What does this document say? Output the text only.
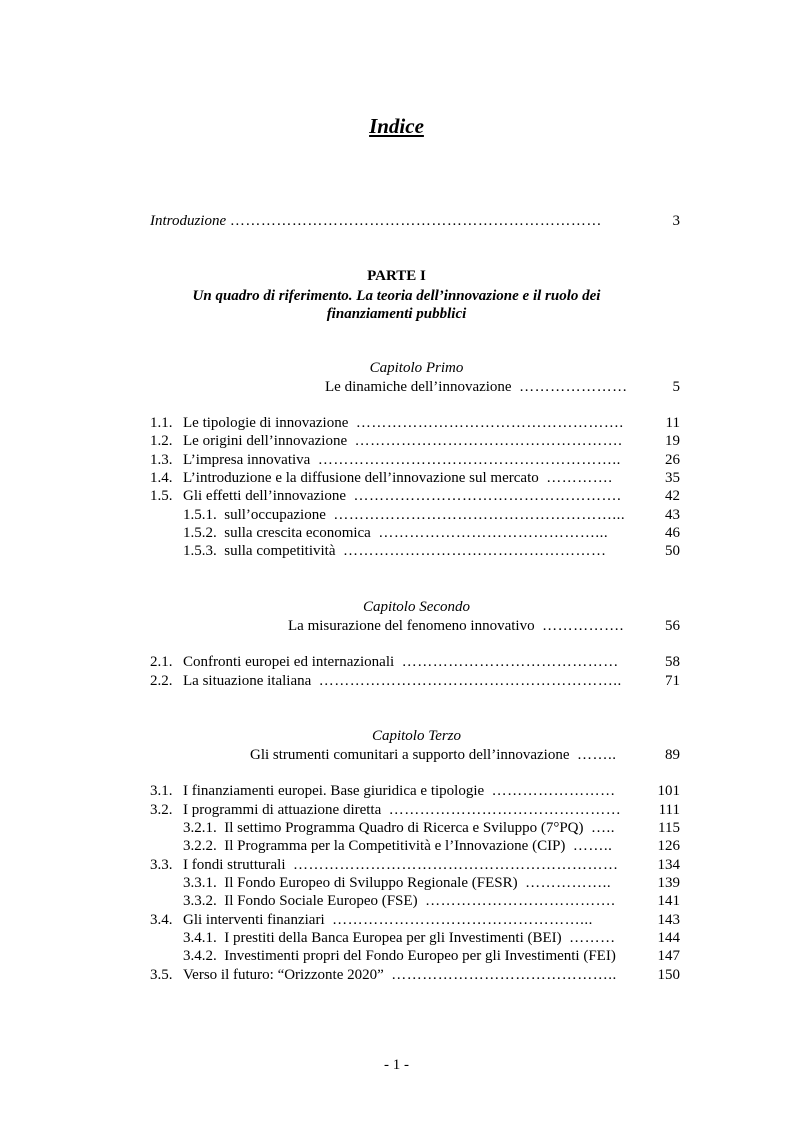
Indice
Introduzione ………………………………………………………………	3
PARTE I
Un quadro di riferimento. La teoria dell’innovazione e il ruolo dei
finanziamenti pubblici
Capitolo Primo
Le dinamiche dell’innovazione …………………	5
1.1. Le tipologie di innovazione …………………………………………….	11
1.2. Le origini dell’innovazione …………………………………………….	19
1.3. L’impresa innovativa …………………………………………………..	26
1.4. L’introduzione e la diffusione dell’innovazione sul mercato ………….	35
1.5. Gli effetti dell’innovazione …………………………………………….	42
1.5.1. sull’occupazione ………………………………………………...	43
1.5.2. sulla crescita economica ……………………………………...	46
1.5.3. sulla competitività ……………………………………………	50
Capitolo Secondo
La misurazione del fenomeno innovativo …………….	56
2.1. Confronti europei ed internazionali ……………………………………	58
2.2. La situazione italiana …………………………………………………..	71
Capitolo Terzo
Gli strumenti comunitari a supporto dell’innovazione ……..	89
3.1. I finanziamenti europei. Base giuridica e tipologie ……………………	101
3.2. I programmi di attuazione diretta ……………………………………… 111
3.2.1. Il settimo Programma Quadro di Ricerca e Sviluppo (7°PQ) …..	115
3.2.2. Il Programma per la Competitività e l’Innovazione (CIP) ……..	126
3.3. I fondi strutturali ………………………………………………………	134
3.3.1. Il Fondo Europeo di Sviluppo Regionale (FESR) ……………..	139
3.3.2. Il Fondo Sociale Europeo (FSE) ……………………………….	141
3.4. Gli interventi finanziari …………………………………………...	143
3.4.1. I prestiti della Banca Europea per gli Investimenti (BEI) ………	144
3.4.2. Investimenti propri del Fondo Europeo per gli Investimenti (FEI)	147
3.5. Verso il futuro: “Orizzonte 2020” ……………………………………..	150
- 1 -
